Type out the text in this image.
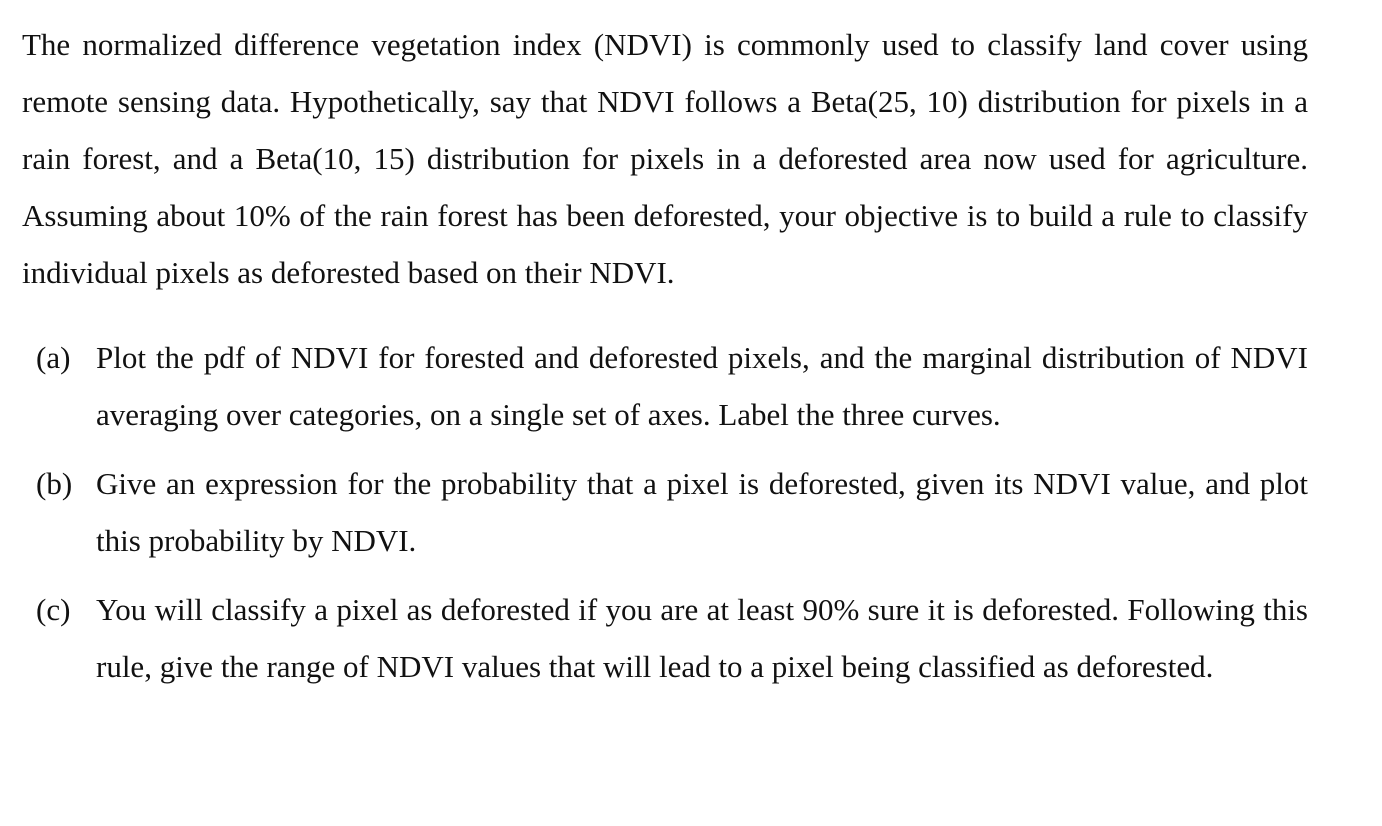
The normalized difference vegetation index (NDVI) is commonly used to classify land cover using remote sensing data. Hypothetically, say that NDVI follows a Beta(25, 10) distribution for pixels in a rain forest, and a Beta(10, 15) distribution for pixels in a deforested area now used for agriculture. Assuming about 10% of the rain forest has been deforested, your objective is to build a rule to classify individual pixels as deforested based on their NDVI.

(a) Plot the pdf of NDVI for forested and deforested pixels, and the marginal distribution of NDVI averaging over categories, on a single set of axes. Label the three curves.

(b) Give an expression for the probability that a pixel is deforested, given its NDVI value, and plot this probability by NDVI.

(c) You will classify a pixel as deforested if you are at least 90% sure it is deforested. Following this rule, give the range of NDVI values that will lead to a pixel being classified as deforested.
